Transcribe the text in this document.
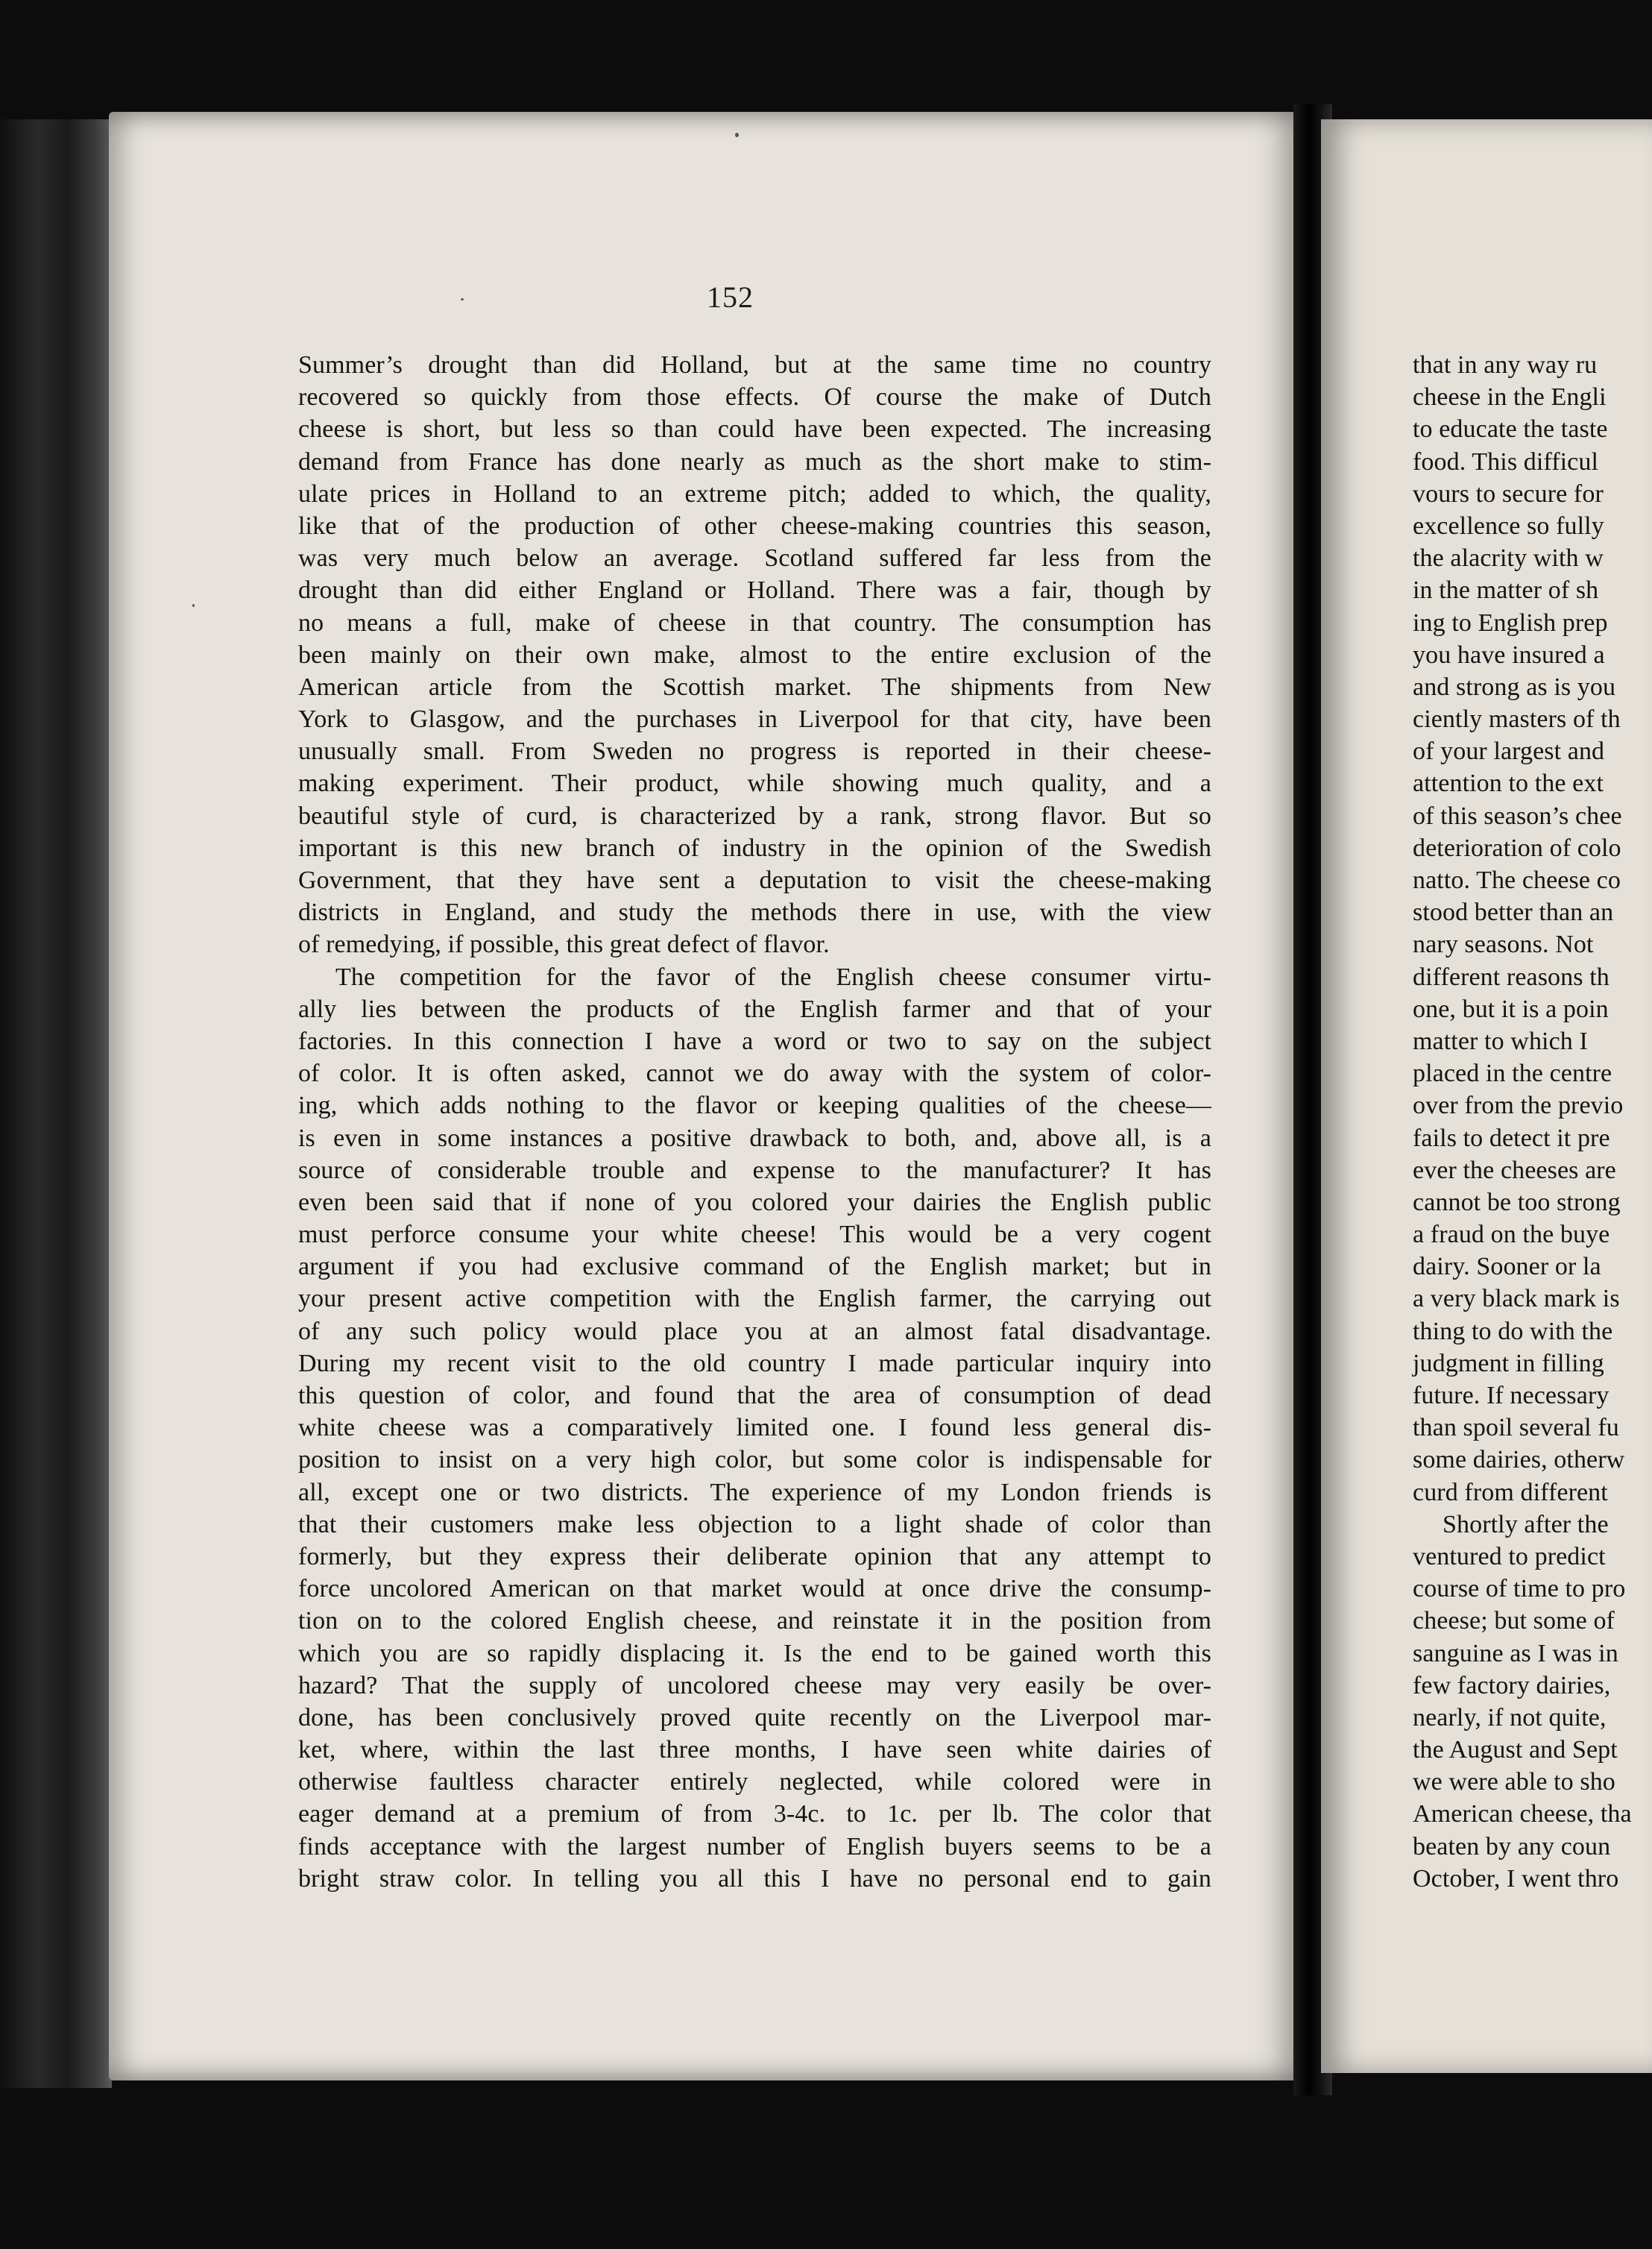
152
Summer’s drought than did Holland, but at the same time no country
recovered so quickly from those effects. Of course the make of Dutch
cheese is short, but less so than could have been expected. The increasing
demand from France has done nearly as much as the short make to stim-
ulate prices in Holland to an extreme pitch; added to which, the quality,
like that of the production of other cheese-making countries this season,
was very much below an average. Scotland suffered far less from the
drought than did either England or Holland. There was a fair, though by
no means a full, make of cheese in that country. The consumption has
been mainly on their own make, almost to the entire exclusion of the
American article from the Scottish market. The shipments from New
York to Glasgow, and the purchases in Liverpool for that city, have been
unusually small. From Sweden no progress is reported in their cheese-
making experiment. Their product, while showing much quality, and a
beautiful style of curd, is characterized by a rank, strong flavor. But so
important is this new branch of industry in the opinion of the Swedish
Government, that they have sent a deputation to visit the cheese-making
districts in England, and study the methods there in use, with the view
of remedying, if possible, this great defect of flavor.
The competition for the favor of the English cheese consumer virtu-
ally lies between the products of the English farmer and that of your
factories. In this connection I have a word or two to say on the subject
of color. It is often asked, cannot we do away with the system of color-
ing, which adds nothing to the flavor or keeping qualities of the cheese—
is even in some instances a positive drawback to both, and, above all, is a
source of considerable trouble and expense to the manufacturer? It has
even been said that if none of you colored your dairies the English public
must perforce consume your white cheese! This would be a very cogent
argument if you had exclusive command of the English market; but in
your present active competition with the English farmer, the carrying out
of any such policy would place you at an almost fatal disadvantage.
During my recent visit to the old country I made particular inquiry into
this question of color, and found that the area of consumption of dead
white cheese was a comparatively limited one. I found less general dis-
position to insist on a very high color, but some color is indispensable for
all, except one or two districts. The experience of my London friends is
that their customers make less objection to a light shade of color than
formerly, but they express their deliberate opinion that any attempt to
force uncolored American on that market would at once drive the consump-
tion on to the colored English cheese, and reinstate it in the position from
which you are so rapidly displacing it. Is the end to be gained worth this
hazard? That the supply of uncolored cheese may very easily be over-
done, has been conclusively proved quite recently on the Liverpool mar-
ket, where, within the last three months, I have seen white dairies of
otherwise faultless character entirely neglected, while colored were in
eager demand at a premium of from 3-4c. to 1c. per lb. The color that
finds acceptance with the largest number of English buyers seems to be a
bright straw color. In telling you all this I have no personal end to gain
that in any way ru
cheese in the Engli
to educate the taste
food. This difficul
vours to secure for
excellence so fully
the alacrity with w
in the matter of sh
ing to English prep
you have insured a
and strong as is you
ciently masters of th
of your largest and
attention to the ext
of this season’s chee
deterioration of colo
natto. The cheese co
stood better than an
nary seasons. Not
different reasons th
one, but it is a poin
matter to which I
placed in the centre
over from the previo
fails to detect it pre
ever the cheeses are
cannot be too strong
a fraud on the buye
dairy. Sooner or la
a very black mark is
thing to do with the
judgment in filling
future. If necessary
than spoil several fu
some dairies, otherw
curd from different
Shortly after the
ventured to predict
course of time to pro
cheese; but some of
sanguine as I was in
few factory dairies,
nearly, if not quite,
the August and Sept
we were able to sho
American cheese, tha
beaten by any coun
October, I went thro
